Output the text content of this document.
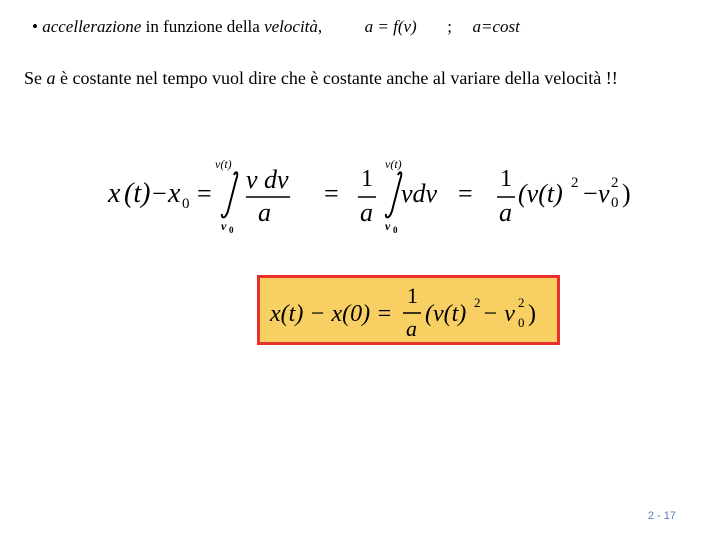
• accellerazione in funzione della velocità,	a = f(v) ; a=cost
Se a è costante nel tempo vuol dire che è costante anche al variare della velocità !!
x (t) − x 0 =
v(t)
v 0
v dv
a
= 1
a
v(t)
v 0
vdv = 1
a
(v(t) 2 − v 2
0 )
x(t) − x(0) =
1
a
(v(t) 2 − v 2
0 )
2 - 17
